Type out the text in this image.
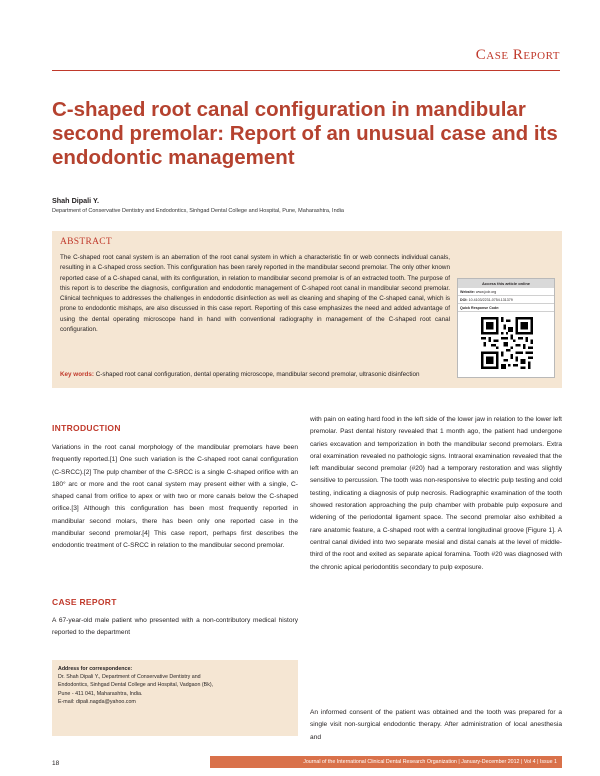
Case Report
C-shaped root canal configuration in mandibular second premolar: Report of an unusual case and its endodontic management
Shah Dipali Y.
Department of Conservative Dentistry and Endodontics, Sinhgad Dental College and Hospital, Pune, Maharashtra, India
ABSTRACT
The C-shaped root canal system is an aberration of the root canal system in which a characteristic fin or web connects individual canals, resulting in a C-shaped cross section. This configuration has been rarely reported in the mandibular second premolar. The only other known reported case of a C-shaped canal, with its configuration, in relation to mandibular second premolar is of an extracted tooth. The purpose of this report is to describe the diagnosis, configuration and endodontic management of C-shaped root canal in mandibular second premolar. Clinical techniques to addresses the challenges in endodontic disinfection as well as cleaning and shaping of the C-shaped canal, which is prone to endodontic mishaps, are also discussed in this case report. Reporting of this case emphasizes the need and added advantage of using the dental operating microscope hand in hand with conventional radiography in management of the C-shaped root canal configuration.
Key words: C-shaped root canal configuration, dental operating microscope, mandibular second premolar, ultrasonic disinfection
Access this article online
Website: www.jcdr.org
DOI: 10.4103/2231-0754.131379
Quick Response Code:
INTRODUCTION
Variations in the root canal morphology of the mandibular premolars have been frequently reported.[1] One such variation is the C-shaped root canal configuration (C-SRCC).[2] The pulp chamber of the C-SRCC is a single C-shaped orifice with an 180° arc or more and the root canal system may present either with a single, C-shaped canal from orifice to apex or with two or more canals below the C-shaped orifice.[3] Although this configuration has been most frequently reported in mandibular second molars, there has been only one reported case in the mandibular second premolar.[4] This case report, perhaps first describes the endodontic treatment of C-SRCC in relation to the mandibular second premolar.
CASE REPORT
A 67-year-old male patient who presented with a non-contributory medical history reported to the department
with pain on eating hard food in the left side of the lower jaw in relation to the lower left premolar. Past dental history revealed that 1 month ago, the patient had undergone caries excavation and temporization in both the mandibular second premolars. Extra oral examination revealed no pathologic signs. Intraoral examination revealed that the left mandibular second premolar (#20) had a temporary restoration and was slightly sensitive to percussion. The tooth was non-responsive to electric pulp testing and cold testing, indicating a diagnosis of pulp necrosis. Radiographic examination of the tooth showed restoration approaching the pulp chamber with probable pulp exposure and widening of the periodontal ligament space. The second premolar also exhibited a rare anatomic feature, a C-shaped root with a central longitudinal groove [Figure 1]. A central canal divided into two separate mesial and distal canals at the level of middle-third of the root and exited as separate apical foramina. Tooth #20 was diagnosed with the chronic apical periodontitis secondary to pulp exposure.
An informed consent of the patient was obtained and the tooth was prepared for a single visit non-surgical endodontic therapy. After administration of local anesthesia and
Address for correspondence:
Dr. Shah Dipali Y., Department of Conservative Dentistry and
Endodontics, Sinhgad Dental College and Hospital, Vadgaon (Bk),
Pune - 411 041, Maharashtra, India.
E-mail: dipali.nagda@yahoo.com
18	Journal of the International Clinical Dental Research Organization | January-December 2012 | Vol 4 | Issue 1
